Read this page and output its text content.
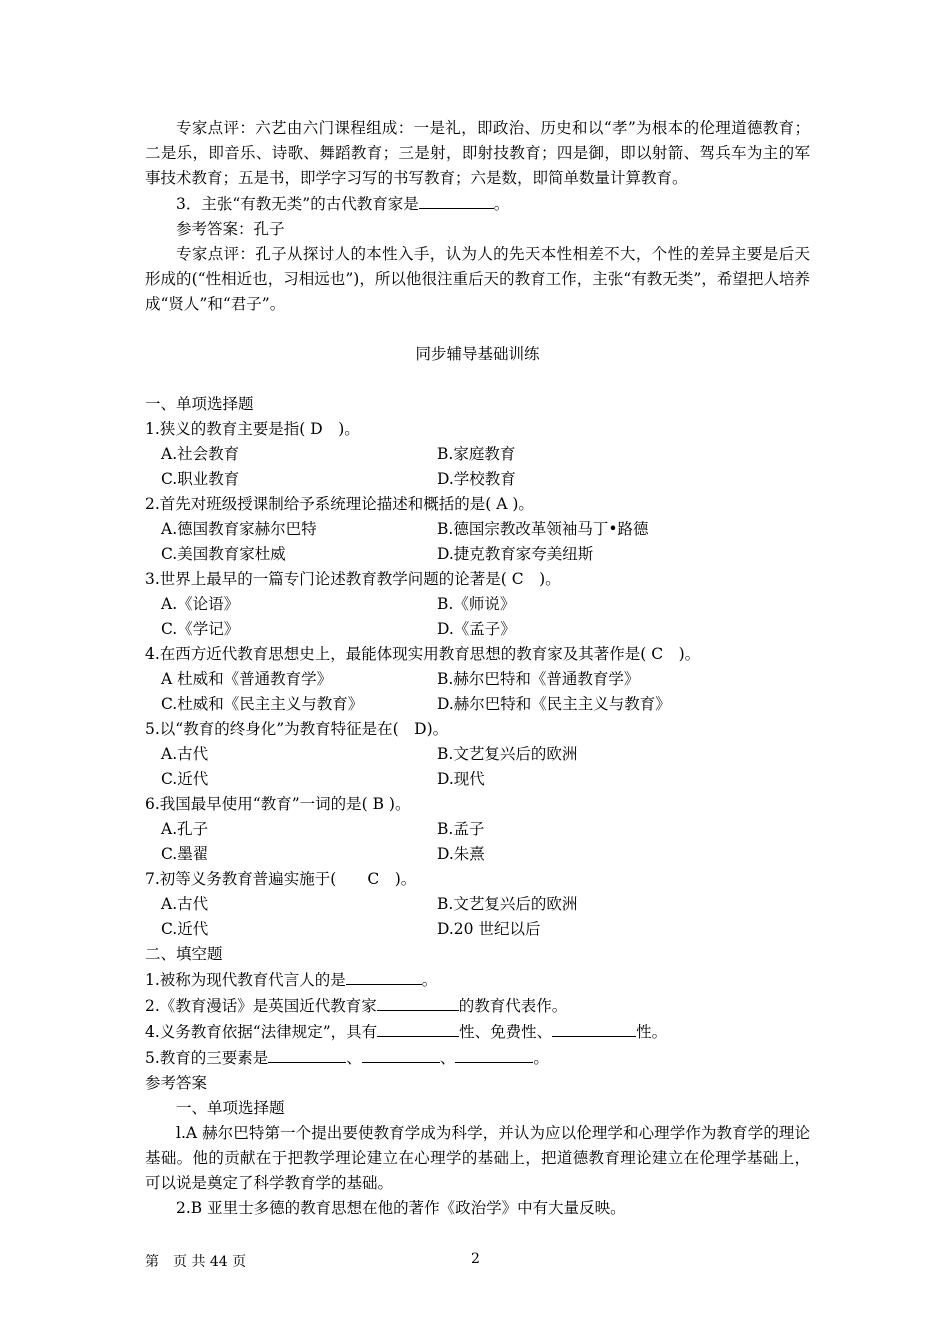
专家点评：六艺由六门课程组成：一是礼，即政治、历史和以“孝”为根本的伦理道德教育；二是乐，即音乐、诗歌、舞蹈教育；三是射，即射技教育；四是御，即以射箭、驾兵车为主的军事技术教育；五是书，即学字习写的书写教育；六是数，即简单数量计算教育。

3．主张“有教无类”的古代教育家是	。

参考答案：孔子

专家点评：孔子从探讨人的本性入手，认为人的先天本性相差不大，个性的差异主要是后天形成的(“性相近也，习相远也”)，所以他很注重后天的教育工作，主张“有教无类”，希望把人培养成“贤人”和“君子”。

同步辅导基础训练

一、单项选择题

1.狭义的教育主要是指( D　)。

A.社会教育	B.家庭教育
C.职业教育	D.学校教育

2.首先对班级授课制给予系统理论描述和概括的是( A )。

A.德国教育家赫尔巴特	B.德国宗教改革领袖马丁•路德
C.美国教育家杜威	D.捷克教育家夸美纽斯

3.世界上最早的一篇专门论述教育教学问题的论著是( C　)。

A.《论语》	B.《师说》
C.《学记》	D.《孟子》

4.在西方近代教育思想史上，最能体现实用教育思想的教育家及其著作是( C　)。

A 杜威和《普通教育学》	B.赫尔巴特和《普通教育学》
C.杜威和《民主主义与教育》	D.赫尔巴特和《民主主义与教育》

5.以“教育的终身化”为教育特征是在(　D)。

A.古代	B.文艺复兴后的欧洲
C.近代	D.现代

6.我国最早使用“教育”一词的是( B )。

A.孔子	B.孟子
C.墨翟	D.朱熹

7.初等义务教育普遍实施于(　　C　)。

A.古代	B.文艺复兴后的欧洲
C.近代	D.20 世纪以后

二、填空题

1.被称为现代教育代言人的是	。

2.《教育漫话》是英国近代教育家	的教育代表作。

4.义务教育依据“法律规定”，具有	性、免费性、	性。

5.教育的三要素是	、	、	。

参考答案

一、单项选择题

l.A 赫尔巴特第一个提出要使教育学成为科学，并认为应以伦理学和心理学作为教育学的理论基础。他的贡献在于把教学理论建立在心理学的基础上，把道德教育理论建立在伦理学基础上，可以说是奠定了科学教育学的基础。

2.B 亚里士多德的教育思想在他的著作《政治学》中有大量反映。

第　页 共 44 页	2
